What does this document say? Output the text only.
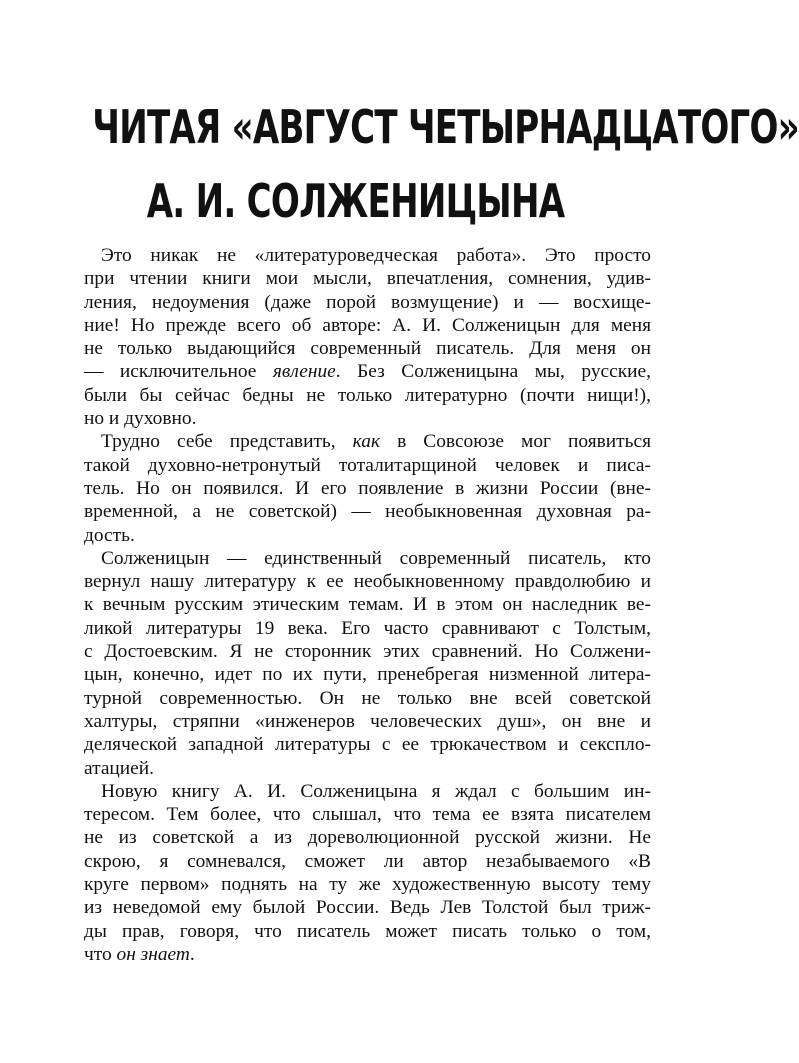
ЧИТАЯ «АВГУСТ ЧЕТЫРНАДЦАТОГО»
А. И. СОЛЖЕНИЦЫНА
Это никак не «литературоведческая работа». Это просто
при чтении книги мои мысли, впечатления, сомнения, удив-
ления, недоумения (даже порой возмущение) и — восхище-
ние! Но прежде всего об авторе: А. И. Солженицын для меня
не только выдающийся современный писатель. Для меня он
— исключительное явление. Без Солженицына мы, русские,
были бы сейчас бедны не только литературно (почти нищи!),
но и духовно.
Трудно себе представить, как в Совсоюзе мог появиться
такой духовно-нетронутый тоталитарщиной человек и писа-
тель. Но он появился. И его появление в жизни России (вне-
временной, а не советской) — необыкновенная духовная ра-
дость.
Солженицын — единственный современный писатель, кто
вернул нашу литературу к ее необыкновенному правдолюбию и
к вечным русским этическим темам. И в этом он наследник ве-
ликой литературы 19 века. Его часто сравнивают с Толстым,
с Достоевским. Я не сторонник этих сравнений. Но Солжени-
цын, конечно, идет по их пути, пренебрегая низменной литера-
турной современностью. Он не только вне всей советской
халтуры, стряпни «инженеров человеческих душ», он вне и
деляческой западной литературы с ее трюкачеством и сексплo-
атацией.
Новую книгу А. И. Солженицына я ждал с большим ин-
тересом. Тем более, что слышал, что тема ее взята писателем
не из советской а из дореволюционной русской жизни. Не
скрою, я сомневался, сможет ли автор незабываемого «В
круге первом» поднять на ту же художественную высоту тему
из неведомой ему былой России. Ведь Лев Толстой был триж-
ды прав, говоря, что писатель может писать только о том,
что он знает.
